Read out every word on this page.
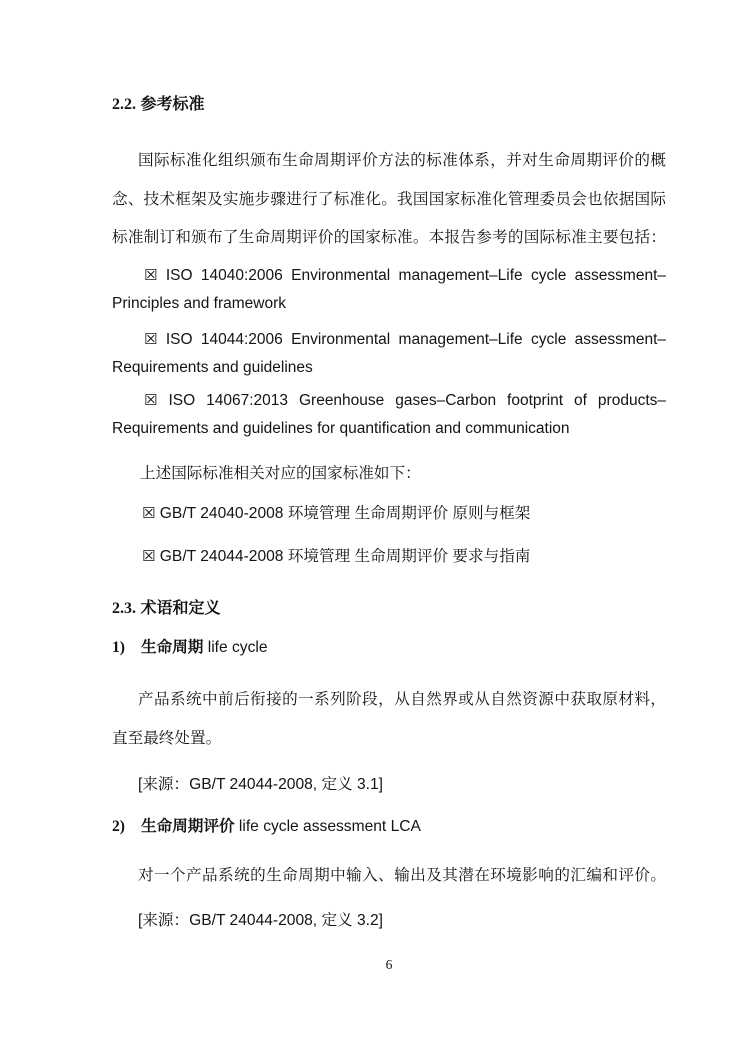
2.2. 参考标准
国际标准化组织颁布生命周期评价方法的标准体系，并对生命周期评价的概
念、技术框架及实施步骤进行了标准化。我国国家标准化管理委员会也依据国际
标准制订和颁布了生命周期评价的国家标准。本报告参考的国际标准主要包括：
☒ ISO 14040:2006 Environmental management–Life cycle assessment–
Principles and framework
☒ ISO 14044:2006 Environmental management–Life cycle assessment–
Requirements and guidelines
☒ ISO 14067:2013 Greenhouse gases–Carbon footprint of products–
Requirements and guidelines for quantification and communication
上述国际标准相关对应的国家标准如下：
☒ GB/T 24040-2008 环境管理 生命周期评价 原则与框架
☒ GB/T 24044-2008 环境管理 生命周期评价 要求与指南
2.3. 术语和定义
1) 生命周期 life cycle
产品系统中前后衔接的一系列阶段，从自然界或从自然资源中获取原材料，
直至最终处置。
[来源：GB/T 24044-2008, 定义 3.1]
2) 生命周期评价 life cycle assessment LCA
对一个产品系统的生命周期中输入、输出及其潜在环境影响的汇编和评价。
[来源：GB/T 24044-2008, 定义 3.2]
6
